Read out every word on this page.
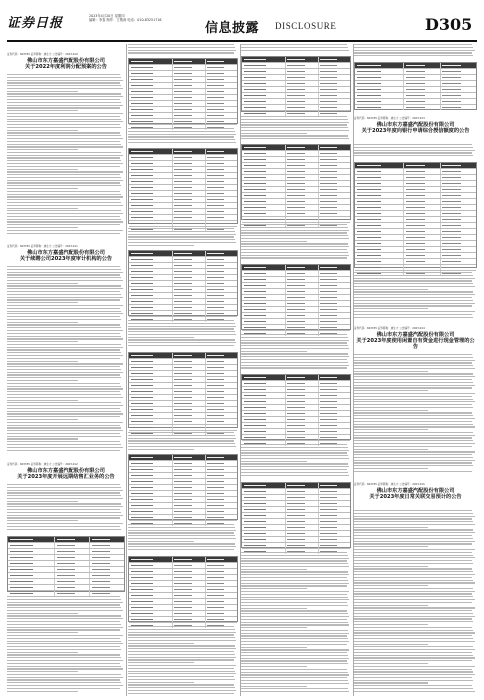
证券日报	2023年4月20日 星期四
编辑：李春 制作：王敬涛 电话：010-83251716
信息披露 DISCLOSURE	D305
证券代码：603335 证券简称：迪生力 公告编号：2023-010
佛山市东方嘉盛汽配股份有限公司
关于2022年度利润分配预案的公告
证券代码：603335 证券简称：迪生力 公告编号：2023-011
佛山市东方嘉盛汽配股份有限公司
关于续聘公司2023年度审计机构的公告
证券代码：603335 证券简称：迪生力 公告编号：2023-012
佛山市东方嘉盛汽配股份有限公司
关于2023年度开展远期结售汇业务的公告
证券代码：603335 证券简称：迪生力 公告编号：2023-013
佛山市东方嘉盛汽配股份有限公司
关于2023年度向银行申请综合授信额度的公告
证券代码：603335 证券简称：迪生力 公告编号：2023-014
佛山市东方嘉盛汽配股份有限公司
关于2023年度使用闲置自有资金进行现金管理的公告
证券代码：603335 证券简称：迪生力 公告编号：2023-015
佛山市东方嘉盛汽配股份有限公司
关于2023年度日常关联交易预计的公告
